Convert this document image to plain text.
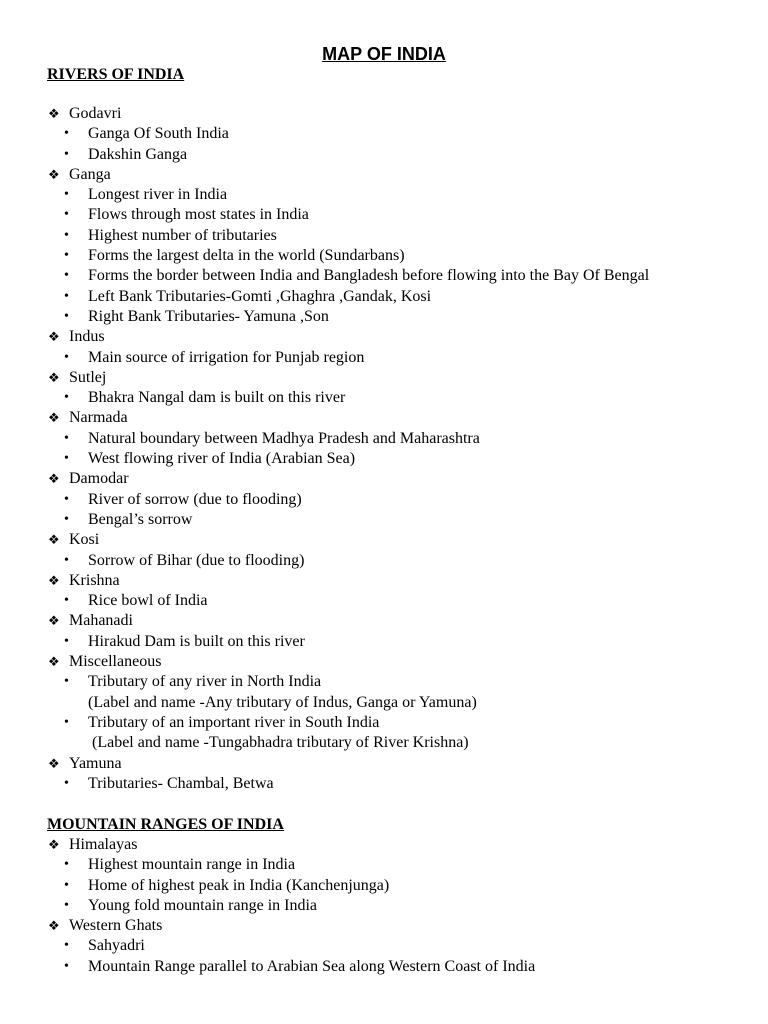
MAP OF INDIA
RIVERS OF INDIA
❖ Godavri
• Ganga Of South India
• Dakshin Ganga
❖ Ganga
• Longest river in India
• Flows through most states in India
• Highest number of tributaries
• Forms the largest delta in the world (Sundarbans)
• Forms the border between India and Bangladesh before flowing into the Bay Of Bengal
• Left Bank Tributaries-Gomti ,Ghaghra ,Gandak, Kosi
• Right Bank Tributaries- Yamuna ,Son
❖ Indus
• Main source of irrigation for Punjab region
❖ Sutlej
• Bhakra Nangal dam is built on this river
❖ Narmada
• Natural boundary between Madhya Pradesh and Maharashtra
• West flowing river of India (Arabian Sea)
❖ Damodar
• River of sorrow (due to flooding)
• Bengal’s sorrow
❖ Kosi
• Sorrow of Bihar (due to flooding)
❖ Krishna
• Rice bowl of India
❖ Mahanadi
• Hirakud Dam is built on this river
❖ Miscellaneous
• Tributary of any river in North India
(Label and name -Any tributary of Indus, Ganga or Yamuna)
• Tributary of an important river in South India
(Label and name -Tungabhadra tributary of River Krishna)
❖ Yamuna
• Tributaries- Chambal, Betwa
MOUNTAIN RANGES OF INDIA
❖ Himalayas
• Highest mountain range in India
• Home of highest peak in India (Kanchenjunga)
• Young fold mountain range in India
❖ Western Ghats
• Sahyadri
• Mountain Range parallel to Arabian Sea along Western Coast of India
